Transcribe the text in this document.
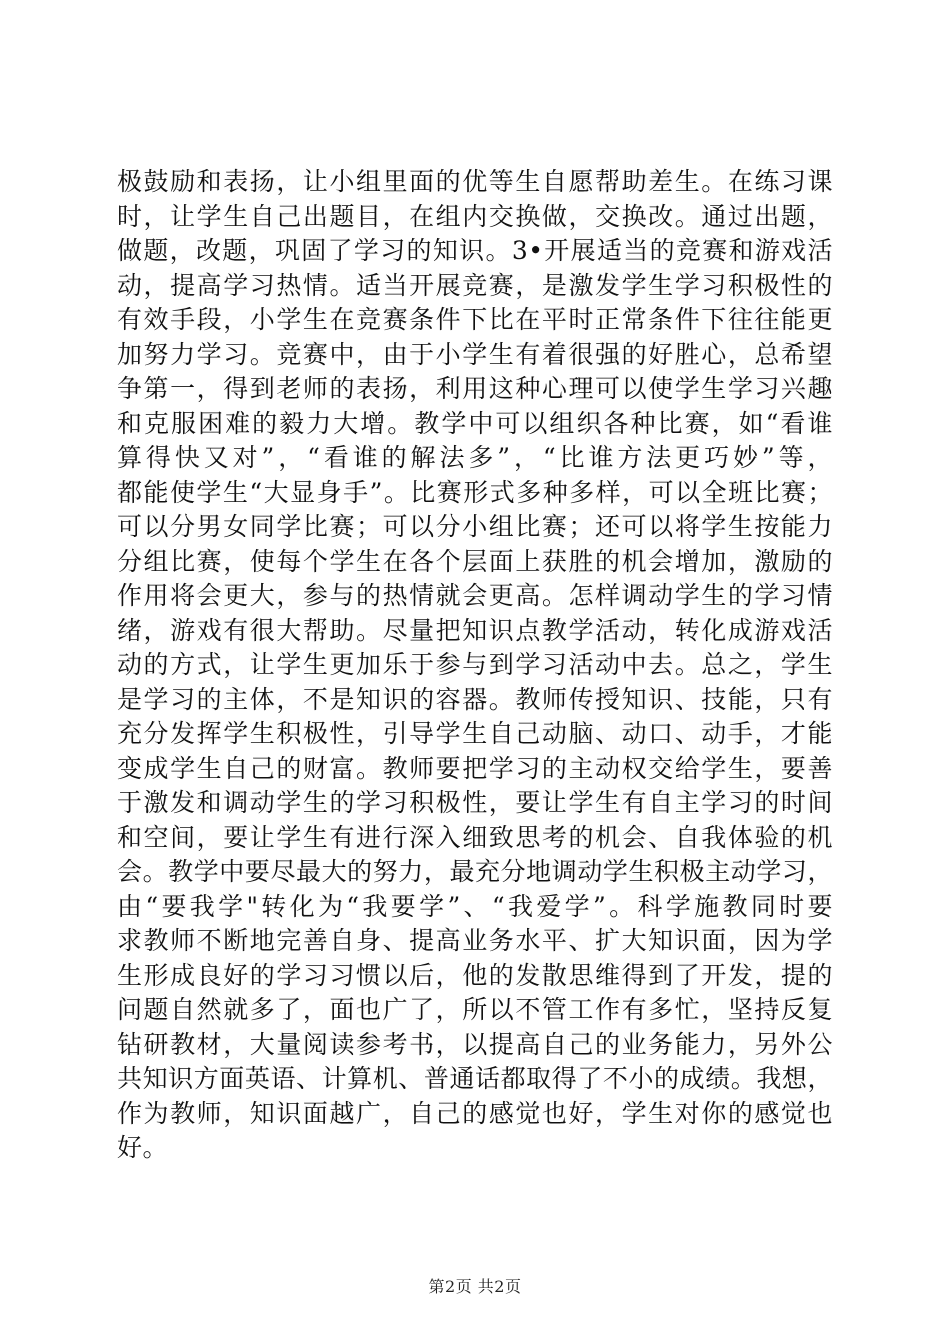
极鼓励和表扬，让小组里面的优等生自愿帮助差生。在练习课
时，让学生自己出题目，在组内交换做，交换改。通过出题，
做题，改题，巩固了学习的知识。3•开展适当的竞赛和游戏活
动，提高学习热情。适当开展竞赛，是激发学生学习积极性的
有效手段，小学生在竞赛条件下比在平时正常条件下往往能更
加努力学习。竞赛中，由于小学生有着很强的好胜心，总希望
争第一，得到老师的表扬，利用这种心理可以使学生学习兴趣
和克服困难的毅力大增。教学中可以组织各种比赛，如“看谁
算得快又对”，“看谁的解法多”，“比谁方法更巧妙”等，
都能使学生“大显身手”。比赛形式多种多样，可以全班比赛；
可以分男女同学比赛；可以分小组比赛；还可以将学生按能力
分组比赛，使每个学生在各个层面上获胜的机会增加，激励的
作用将会更大，参与的热情就会更高。怎样调动学生的学习情
绪，游戏有很大帮助。尽量把知识点教学活动，转化成游戏活
动的方式，让学生更加乐于参与到学习活动中去。总之，学生
是学习的主体，不是知识的容器。教师传授知识、技能，只有
充分发挥学生积极性，引导学生自己动脑、动口、动手，才能
变成学生自己的财富。教师要把学习的主动权交给学生，要善
于激发和调动学生的学习积极性，要让学生有自主学习的时间
和空间，要让学生有进行深入细致思考的机会、自我体验的机
会。教学中要尽最大的努力，最充分地调动学生积极主动学习，
由“要我学"转化为“我要学”、“我爱学”。科学施教同时要
求教师不断地完善自身、提高业务水平、扩大知识面，因为学
生形成良好的学习习惯以后，他的发散思维得到了开发，提的
问题自然就多了，面也广了，所以不管工作有多忙，坚持反复
钻研教材，大量阅读参考书，以提高自己的业务能力，另外公
共知识方面英语、计算机、普通话都取得了不小的成绩。我想，
作为教师，知识面越广，自己的感觉也好，学生对你的感觉也
好。
第2页 共2页
